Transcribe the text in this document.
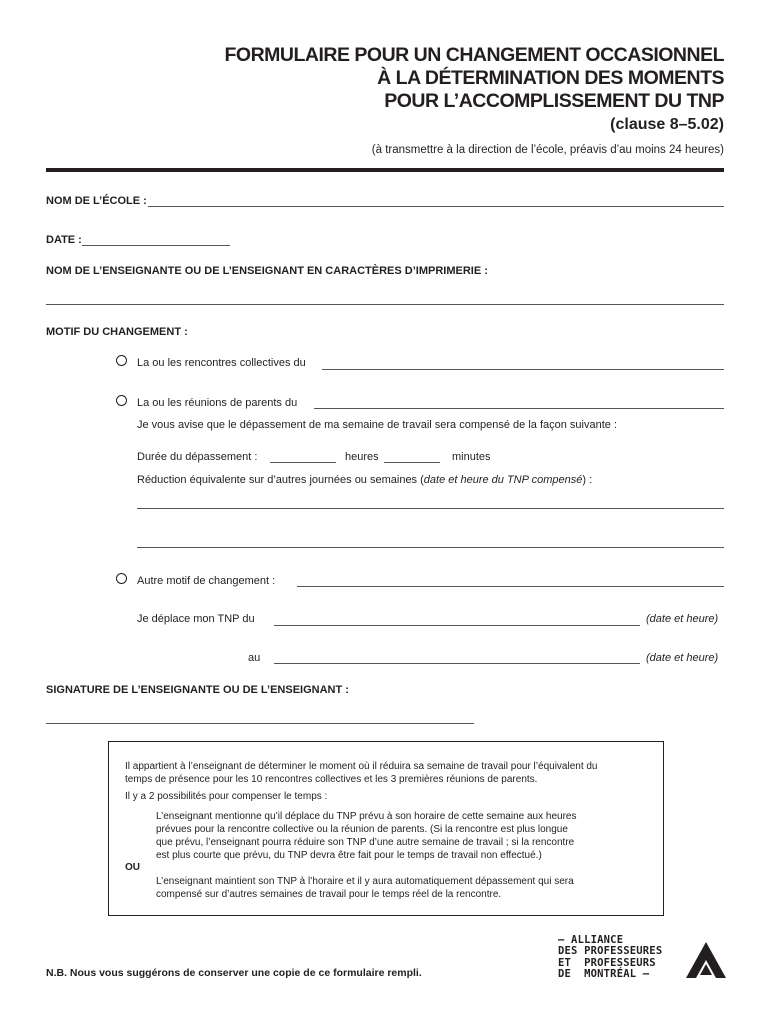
FORMULAIRE POUR UN CHANGEMENT OCCASIONNEL
À LA DÉTERMINATION DES MOMENTS
POUR L’ACCOMPLISSEMENT DU TNP
(clause 8–5.02)
(à transmettre à la direction de l’école, préavis d’au moins 24 heures)
NOM DE L’ÉCOLE :
DATE :
NOM DE L’ENSEIGNANTE OU DE L’ENSEIGNANT EN CARACTÈRES D’IMPRIMERIE :
MOTIF DU CHANGEMENT :
La ou les rencontres collectives du
La ou les réunions de parents du
Je vous avise que le dépassement de ma semaine de travail sera compensé de la façon suivante :
Durée du dépassement :	heures	minutes
Réduction équivalente sur d’autres journées ou semaines (date et heure du TNP compensé) :
Autre motif de changement :
Je déplace mon TNP du	(date et heure)
au	(date et heure)
SIGNATURE DE L’ENSEIGNANTE OU DE L’ENSEIGNANT :
Il appartient à l’enseignant de déterminer le moment où il réduira sa semaine de travail pour l’équivalent du
temps de présence pour les 10 rencontres collectives et les 3 premières réunions de parents.
Il y a 2 possibilités pour compenser le temps :
L’enseignant mentionne qu’il déplace du TNP prévu à son horaire de cette semaine aux heures
prévues pour la rencontre collective ou la réunion de parents. (Si la rencontre est plus longue
que prévu, l’enseignant pourra réduire son TNP d’une autre semaine de travail ; si la rencontre
est plus courte que prévu, du TNP devra être fait pour le temps de travail non effectué.)
OU
L’enseignant maintient son TNP à l’horaire et il y aura automatiquement dépassement qui sera
compensé sur d’autres semaines de travail pour le temps réel de la rencontre.
N.B. Nous vous suggérons de conserver une copie de ce formulaire rempli.
— ALLIANCE
DES PROFESSEURES
ET  PROFESSEURS
DE  MONTRÉAL —
